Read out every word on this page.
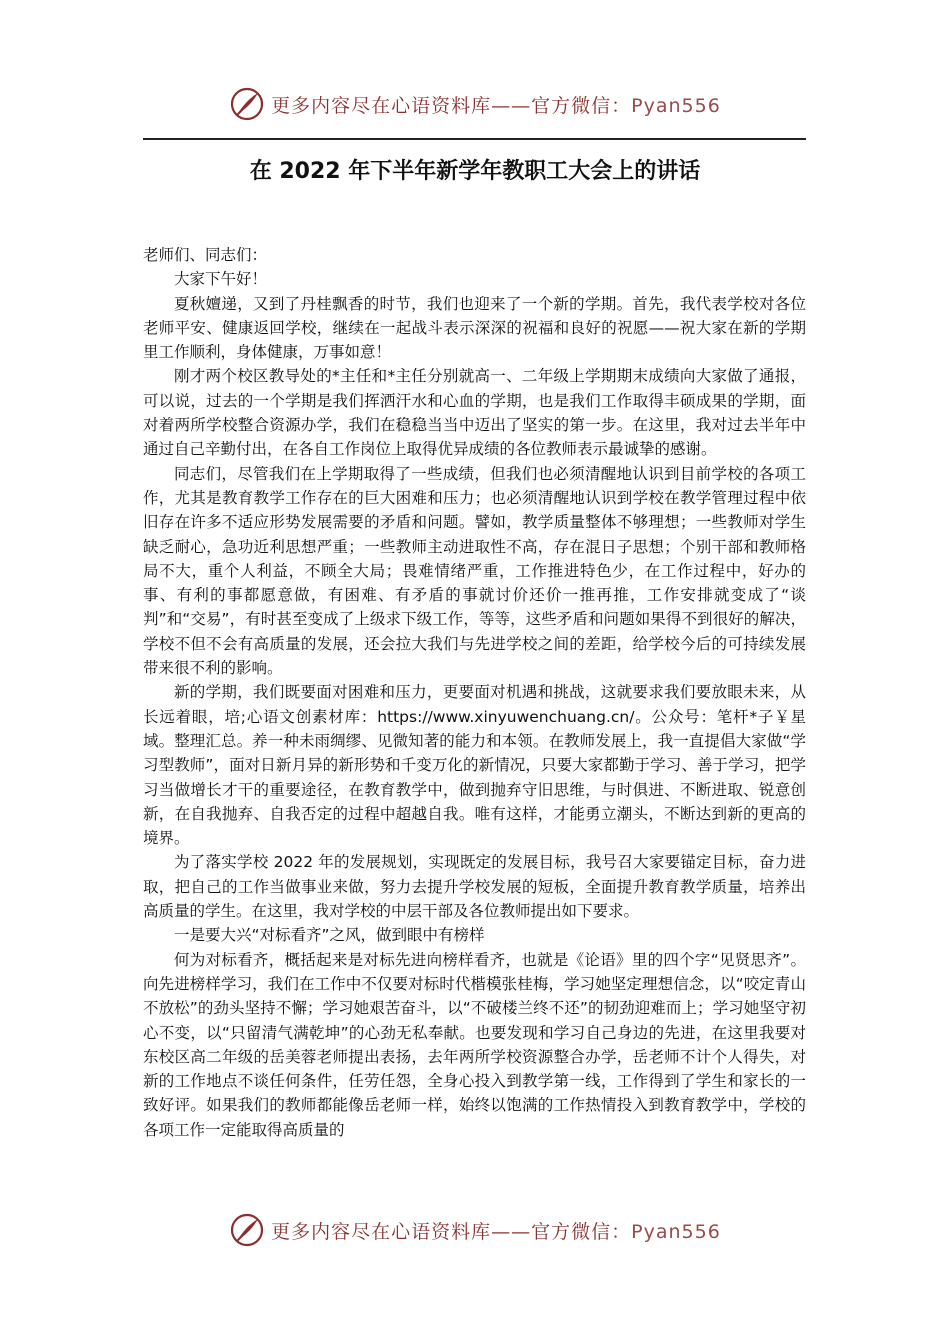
更多内容尽在心语资料库——官方微信：Pyan556
在 2022 年下半年新学年教职工大会上的讲话

老师们、同志们：

大家下午好！

夏秋嬗递，又到了丹桂飘香的时节，我们也迎来了一个新的学期。首先，我代表学校对各位老师平安、健康返回学校，继续在一起战斗表示深深的祝福和良好的祝愿——祝大家在新的学期里工作顺利，身体健康，万事如意！

刚才两个校区教导处的*主任和*主任分别就高一、二年级上学期期末成绩向大家做了通报，可以说，过去的一个学期是我们挥洒汗水和心血的学期，也是我们工作取得丰硕成果的学期，面对着两所学校整合资源办学，我们在稳稳当当中迈出了坚实的第一步。在这里，我对过去半年中通过自己辛勤付出，在各自工作岗位上取得优异成绩的各位教师表示最诚挚的感谢。

同志们，尽管我们在上学期取得了一些成绩，但我们也必须清醒地认识到目前学校的各项工作，尤其是教育教学工作存在的巨大困难和压力；也必须清醒地认识到学校在教学管理过程中依旧存在许多不适应形势发展需要的矛盾和问题。譬如，教学质量整体不够理想；一些教师对学生缺乏耐心，急功近利思想严重；一些教师主动进取性不高，存在混日子思想；个别干部和教师格局不大，重个人利益，不顾全大局；畏难情绪严重，工作推进特色少，在工作过程中，好办的事、有利的事都愿意做，有困难、有矛盾的事就讨价还价一推再推，工作安排就变成了“谈判”和“交易”，有时甚至变成了上级求下级工作，等等，这些矛盾和问题如果得不到很好的解决，学校不但不会有高质量的发展，还会拉大我们与先进学校之间的差距，给学校今后的可持续发展带来很不利的影响。

新的学期，我们既要面对困难和压力，更要面对机遇和挑战，这就要求我们要放眼未来，从长远着眼，培;心语文创素材库：https://www.xinyuwenchuang.cn/。公众号：笔杆*子￥星域。整理汇总。养一种未雨绸缪、见微知著的能力和本领。在教师发展上，我一直提倡大家做“学习型教师”，面对日新月异的新形势和千变万化的新情况，只要大家都勤于学习、善于学习，把学习当做增长才干的重要途径，在教育教学中，做到抛弃守旧思维，与时俱进、不断进取、锐意创新，在自我抛弃、自我否定的过程中超越自我。唯有这样，才能勇立潮头，不断达到新的更高的境界。

为了落实学校 2022 年的发展规划，实现既定的发展目标，我号召大家要锚定目标，奋力进取，把自己的工作当做事业来做，努力去提升学校发展的短板，全面提升教育教学质量，培养出高质量的学生。在这里，我对学校的中层干部及各位教师提出如下要求。

一是要大兴“对标看齐”之风，做到眼中有榜样

何为对标看齐，概括起来是对标先进向榜样看齐，也就是《论语》里的四个字“见贤思齐”。向先进榜样学习，我们在工作中不仅要对标时代楷模张桂梅，学习她坚定理想信念，以“咬定青山不放松”的劲头坚持不懈；学习她艰苦奋斗，以“不破楼兰终不还”的韧劲迎难而上；学习她坚守初心不变，以“只留清气满乾坤”的心劲无私奉献。也要发现和学习自己身边的先进，在这里我要对东校区高二年级的岳美蓉老师提出表扬，去年两所学校资源整合办学，岳老师不计个人得失，对新的工作地点不谈任何条件，任劳任怨，全身心投入到教学第一线，工作得到了学生和家长的一致好评。如果我们的教师都能像岳老师一样，始终以饱满的工作热情投入到教育教学中，学校的各项工作一定能取得高质量的

更多内容尽在心语资料库——官方微信：Pyan556
